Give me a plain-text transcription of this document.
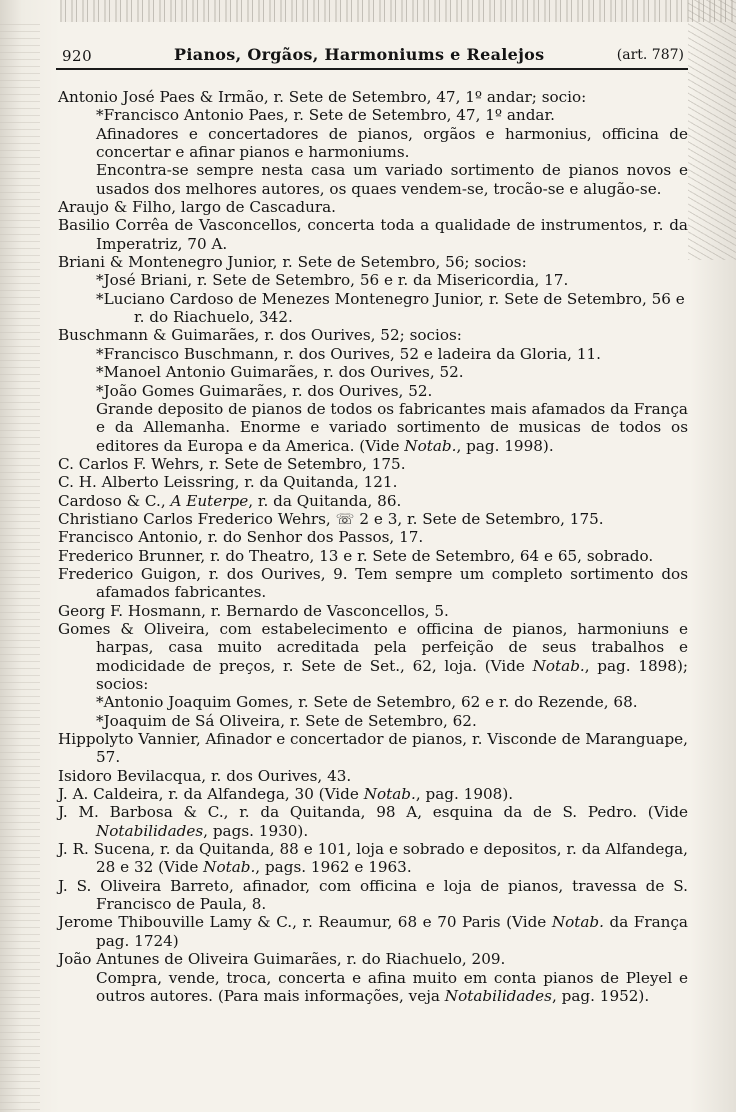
920	Pianos, Orgãos, Harmoniums e Realejos	(art. 787)

Antonio José Paes & Irmão, r. Sete de Setembro, 47, 1º andar; socio:

* Francisco Antonio Paes, r. Sete de Setembro, 47, 1º andar.

Afinadores e concertadores de pianos, orgãos e harmonius, officina de concertar e afinar pianos e harmoniums.

Encontra-se sempre nesta casa um variado sortimento de pianos novos e usados dos melhores autores, os quaes vendem-se, trocão-se e alugão-se.

Araujo & Filho, largo de Cascadura.

Basilio Corrêa de Vasconcellos, concerta toda a qualidade de instrumentos, r. da Imperatriz, 70 A.

Briani & Montenegro Junior, r. Sete de Setembro, 56; socios:

* José Briani, r. Sete de Setembro, 56 e r. da Misericordia, 17.

* Luciano Cardoso de Menezes Montenegro Junior, r. Sete de Setembro, 56 e r. do Riachuelo, 342.

Buschmann & Guimarães, r. dos Ourives, 52; socios:

* Francisco Buschmann, r. dos Ourives, 52 e ladeira da Gloria, 11.

* Manoel Antonio Guimarães, r. dos Ourives, 52.

* João Gomes Guimarães, r. dos Ourives, 52.

Grande deposito de pianos de todos os fabricantes mais afamados da França e da Allemanha. Enorme e variado sortimento de musicas de todos os editores da Europa e da America. (Vide Notab., pag. 1998).

C. Carlos F. Wehrs, r. Sete de Setembro, 175.

C. H. Alberto Leissring, r. da Quitanda, 121.

Cardoso & C., A Euterpe, r. da Quitanda, 86.

Christiano Carlos Frederico Wehrs, ☏ 2 e 3, r. Sete de Setembro, 175.

Francisco Antonio, r. do Senhor dos Passos, 17.

Frederico Brunner, r. do Theatro, 13 e r. Sete de Setembro, 64 e 65, sobrado.

Frederico Guigon, r. dos Ourives, 9. Tem sempre um completo sortimento dos afamados fabricantes.

Georg F. Hosmann, r. Bernardo de Vasconcellos, 5.

Gomes & Oliveira, com estabelecimento e officina de pianos, harmoniuns e harpas, casa muito acreditada pela perfeição de seus trabalhos e modicidade de preços, r. Sete de Set., 62, loja. (Vide Notab., pag. 1898); socios:

* Antonio Joaquim Gomes, r. Sete de Setembro, 62 e r. do Rezende, 68.

* Joaquim de Sá Oliveira, r. Sete de Setembro, 62.

Hippolyto Vannier, Afinador e concertador de pianos, r. Visconde de Maranguape, 57.

Isidoro Bevilacqua, r. dos Ourives, 43.

J. A. Caldeira, r. da Alfandega, 30 (Vide Notab., pag. 1908).

J. M. Barbosa & C., r. da Quitanda, 98 A, esquina da de S. Pedro. (Vide Notabilidades, pags. 1930).

J. R. Sucena, r. da Quitanda, 88 e 101, loja e sobrado e depositos, r. da Alfandega, 28 e 32 (Vide Notab., pags. 1962 e 1963.

J. S. Oliveira Barreto, afinador, com officina e loja de pianos, travessa de S. Francisco de Paula, 8.

Jerome Thibouville Lamy & C., r. Reaumur, 68 e 70 Paris (Vide Notab. da França pag. 1724)

João Antunes de Oliveira Guimarães, r. do Riachuelo, 209.

Compra, vende, troca, concerta e afina muito em conta pianos de Pleyel e outros autores. (Para mais informações, veja Notabilidades, pag. 1952).
